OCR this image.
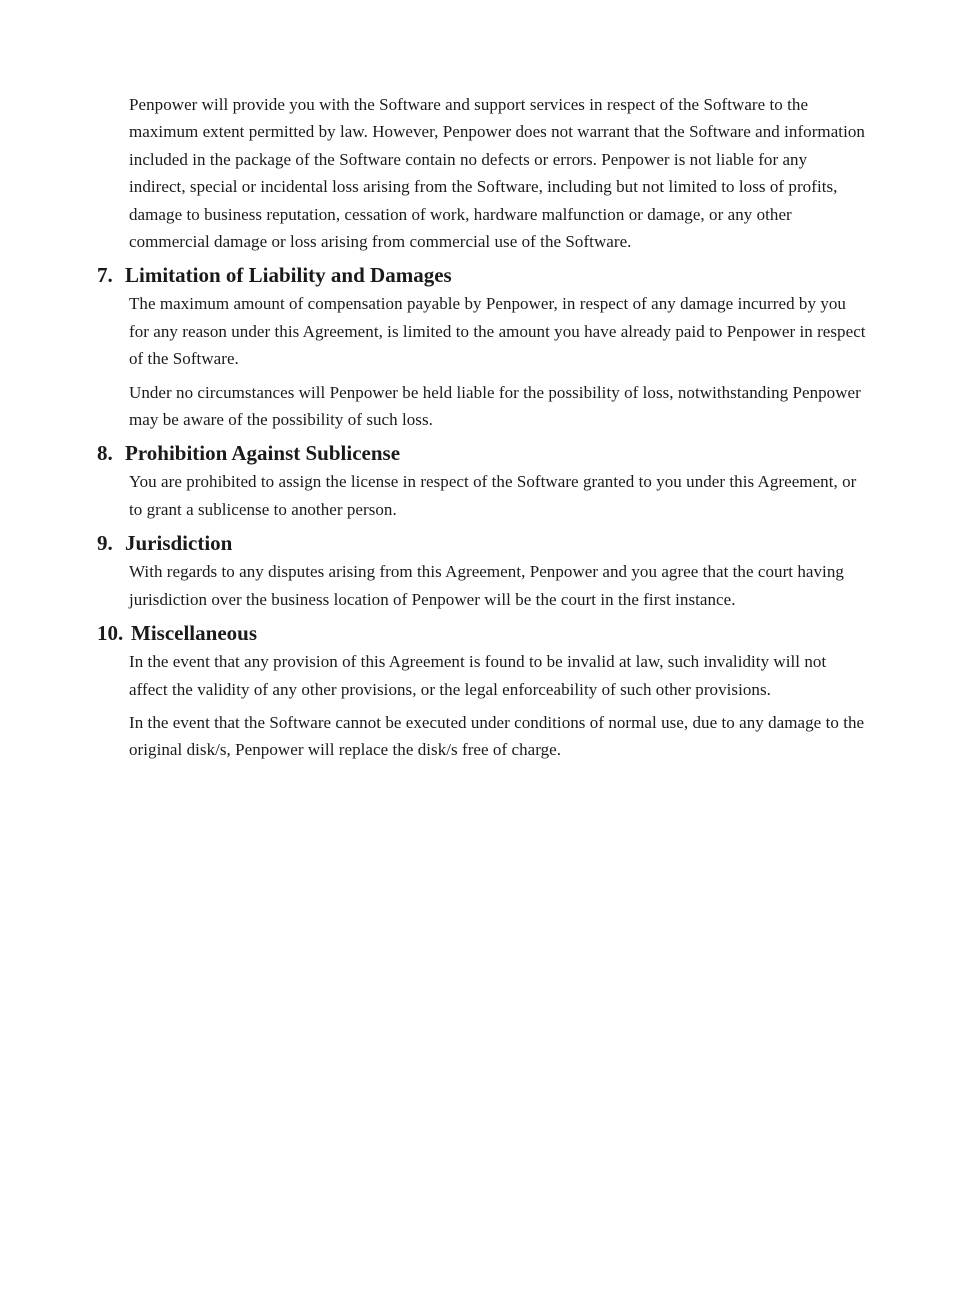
Penpower will provide you with the Software and support services in respect of the Software to the maximum extent permitted by law. However, Penpower does not warrant that the Software and information included in the package of the Software contain no defects or errors. Penpower is not liable for any indirect, special or incidental loss arising from the Software, including but not limited to loss of profits, damage to business reputation, cessation of work, hardware malfunction or damage, or any other commercial damage or loss arising from commercial use of the Software.

7. Limitation of Liability and Damages

The maximum amount of compensation payable by Penpower, in respect of any damage incurred by you for any reason under this Agreement, is limited to the amount you have already paid to Penpower in respect of the Software.

Under no circumstances will Penpower be held liable for the possibility of loss, notwithstanding Penpower may be aware of the possibility of such loss.

8. Prohibition Against Sublicense

You are prohibited to assign the license in respect of the Software granted to you under this Agreement, or to grant a sublicense to another person.

9. Jurisdiction

With regards to any disputes arising from this Agreement, Penpower and you agree that the court having jurisdiction over the business location of Penpower will be the court in the first instance.

10. Miscellaneous

In the event that any provision of this Agreement is found to be invalid at law, such invalidity will not affect the validity of any other provisions, or the legal enforceability of such other provisions.

In the event that the Software cannot be executed under conditions of normal use, due to any damage to the original disk/s, Penpower will replace the disk/s free of charge.
